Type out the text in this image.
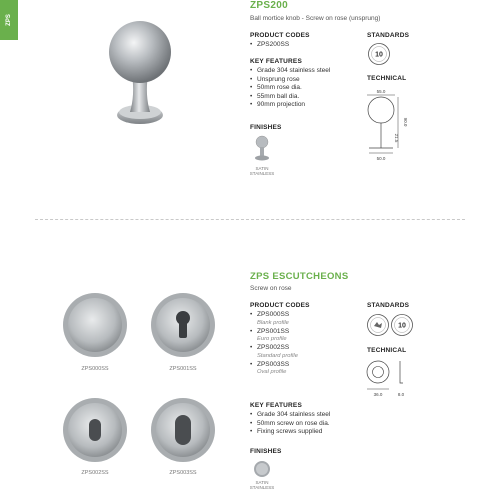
ZPS
ZPS200
Ball mortice knob - Screw on rose (unsprung)
PRODUCT CODES
• ZPS200SS
KEY FEATURES
• Grade 304 stainless steel
• Unsprung rose
• 50mm rose dia.
• 55mm ball dia.
• 90mm projection
FINISHES
SATIN
STAINLESS
STANDARDS
10
TECHNICAL
55.0
90.0
21.5
50.0
ZPS000SS	ZPS001SS
ZPS002SS	ZPS003SS
ZPS ESCUTCHEONS
Screw on rose
PRODUCT CODES
• ZPS000SS
Blank profile
• ZPS001SS
Euro profile
• ZPS002SS
Standard profile
• ZPS003SS
Oval profile
KEY FEATURES
• Grade 304 stainless steel
• 50mm screw on rose dia.
• Fixing screws supplied
FINISHES
SATIN
STAINLESS
STANDARDS
10
TECHNICAL
36.0	8.0
